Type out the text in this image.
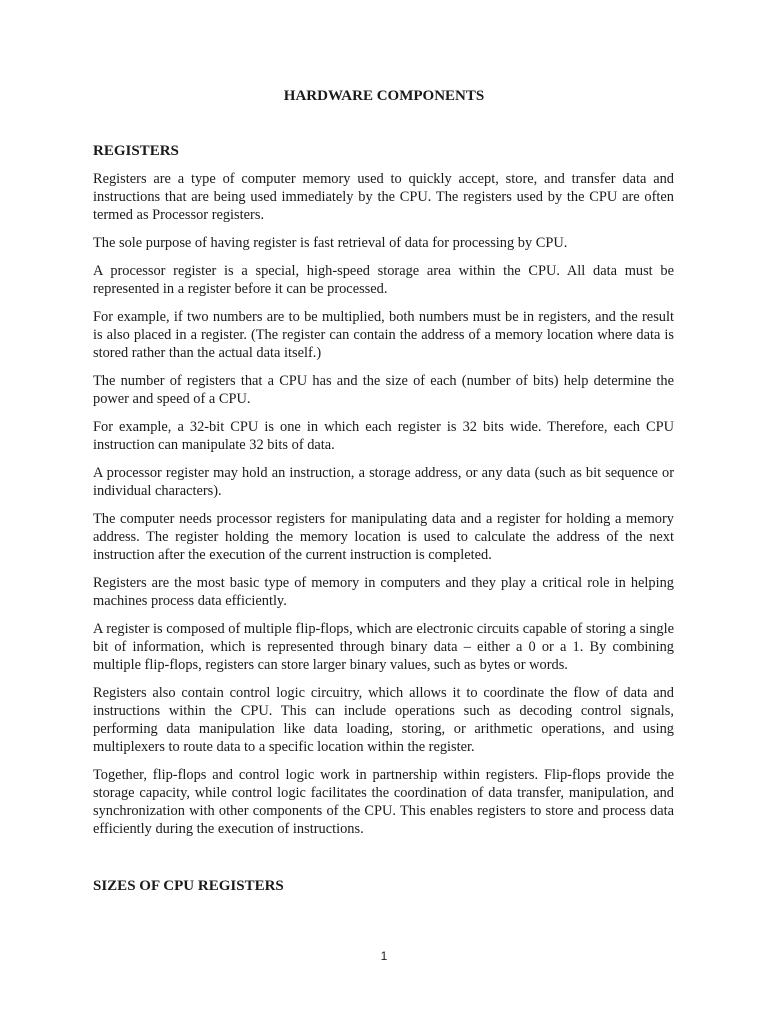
HARDWARE COMPONENTS
REGISTERS

Registers are a type of computer memory used to quickly accept, store, and transfer data and instructions that are being used immediately by the CPU. The registers used by the CPU are often termed as Processor registers.

The sole purpose of having register is fast retrieval of data for processing by CPU.

A processor register is a special, high-speed storage area within the CPU. All data must be represented in a register before it can be processed.

For example, if two numbers are to be multiplied, both numbers must be in registers, and the result is also placed in a register. (The register can contain the address of a memory location where data is stored rather than the actual data itself.)

The number of registers that a CPU has and the size of each (number of bits) help determine the power and speed of a CPU.

For example, a 32-bit CPU is one in which each register is 32 bits wide. Therefore, each CPU instruction can manipulate 32 bits of data.

A processor register may hold an instruction, a storage address, or any data (such as bit sequence or individual characters).

The computer needs processor registers for manipulating data and a register for holding a memory address. The register holding the memory location is used to calculate the address of the next instruction after the execution of the current instruction is completed.

Registers are the most basic type of memory in computers and they play a critical role in helping machines process data efficiently.

A register is composed of multiple flip-flops, which are electronic circuits capable of storing a single bit of information, which is represented through binary data – either a 0 or a 1. By combining multiple flip-flops, registers can store larger binary values, such as bytes or words.

Registers also contain control logic circuitry, which allows it to coordinate the flow of data and instructions within the CPU. This can include operations such as decoding control signals, performing data manipulation like data loading, storing, or arithmetic operations, and using multiplexers to route data to a specific location within the register.

Together, flip-flops and control logic work in partnership within registers. Flip-flops provide the storage capacity, while control logic facilitates the coordination of data transfer, manipulation, and synchronization with other components of the CPU. This enables registers to store and process data efficiently during the execution of instructions.

SIZES OF CPU REGISTERS
1
